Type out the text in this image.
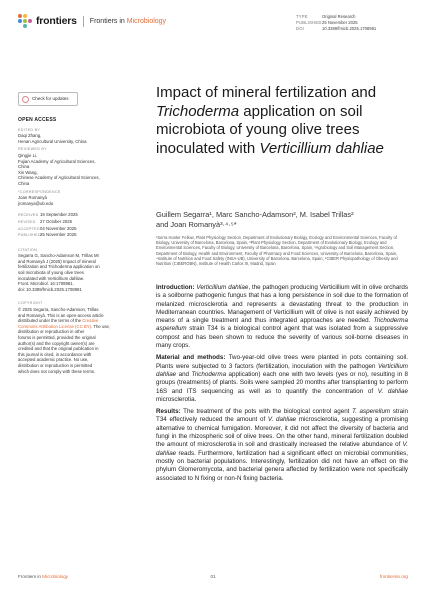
frontiers Frontiers in Microbiology
TYPE	Original Research
PUBLISHED25 November 2025
DOI	10.3389/fmicb.2025.1708981
Check for updates
OPEN ACCESS
EDITED BY
Daqi Zhang,
Henan Agricultural University, China
REVIEWED BY
Qingjie Li,
Fujian Academy of Agricultural Sciences,
China
Xin Wang,
Chinese Academy of Agricultural Sciences,
China
*CORRESPONDENCE
Joan Romanyà
jromanya@ub.edu
RECEIVED 19 September 2025
REVISED 27 October 2025
ACCEPTED04 November 2025
PUBLISHED25 November 2025
CITATION
Segarra G, Sancho-Adamson M, Trillas MI
and Romanyà J (2025) Impact of mineral
fertilization and Trichoderma application on
soil microbiota of young olive trees
inoculated with Verticillium dahliae.
Front. Microbiol. 16:1708981.
doi: 10.3389/fmicb.2025.1708981
COPYRIGHT
© 2025 Segarra, Sancho-Adamson, Trillas
and Romanyà. This is an open-access article
distributed under the terms of the Creative Commons Attribution License (CC BY). The use, distribution or reproduction in other
forums is permitted, provided the original
author(s) and the copyright owner(s) are
credited and that the original publication in
this journal is cited, in accordance with
accepted academic practice. No use,
distribution or reproduction is permitted
which does not comply with these terms.
Impact of mineral fertilization and Trichoderma application on soil microbiota of young olive trees inoculated with Verticillium dahliae
Guillem Segarra¹, Marc Sancho-Adamson², M. Isabel Trillas²
and Joan Romanyà³·⁴·⁵*
¹Serra Hunter Fellow, Plant Physiology Section, Department of Evolutionary Biology, Ecology and Environmental Sciences, Faculty of Biology, University of Barcelona, Barcelona, Spain, ²Plant Physiology Section, Department of Evolutionary Biology, Ecology and Environmental Sciences, Faculty of Biology, University of Barcelona, Barcelona, Spain, ³Agrobiology and Soil Management Section, Department of Biology, Health and Environment, Faculty of Pharmacy and Food Sciences, University of Barcelona, Barcelona, Spain, ⁴Institute of Nutrition and Food Safety (INSA-UB), University of Barcelona, Barcelona, Spain, ⁵CIBER Physiopathology of Obesity and Nutrition (CIBEROBN), Institute of Health Carlos III, Madrid, Spain

Introduction: Verticillium dahliae, the pathogen producing Verticillium wilt in olive orchards is a soilborne pathogenic fungus that has a long persistence in soil due to the formation of melanized microsclerotia and represents a devastating threat to the production in Mediterranean countries. Management of Verticillium wilt of olive is not easily achieved by means of a single treatment and thus integrated approaches are needed. Trichoderma asperellum strain T34 is a biological control agent that was isolated from a suppressive compost and has been shown to reduce the severity of various soil-borne diseases in many crops.

Material and methods: Two-year-old olive trees were planted in pots containing soil. Plants were subjected to 3 factors (fertilization, inoculation with the pathogen Verticillium dahliae and Trichoderma application) each one with two levels (yes or no), resulting in 8 groups (treatments) of plants. Soils were sampled 20 months after transplanting to perform 16S and ITS sequencing as well as to quantify the concentration of V. dahliae microsclerotia.

Results: The treatment of the pots with the biological control agent T. asperellum strain T34 effectively reduced the amount of V. dahliae microsclerotia, suggesting a promising alternative to chemical fumigation. Moreover, it did not affect the diversity of bacteria and fungi in the rhizospheric soil of olive trees. On the other hand, mineral fertilization doubled the amount of microsclerotia in soil and drastically increased the relative abundance of V. dahliae reads. Furthermore, fertilization had a significant effect on microbial communities, mostly on bacterial populations. Interestingly, fertilization did not have an effect on the phylum Glomeromycota, and bacterial genera affected by fertilization were not specifically associated to N fixing or non-N fixing bacteria.

Frontiers in Microbiology	01	frontiersin.org
